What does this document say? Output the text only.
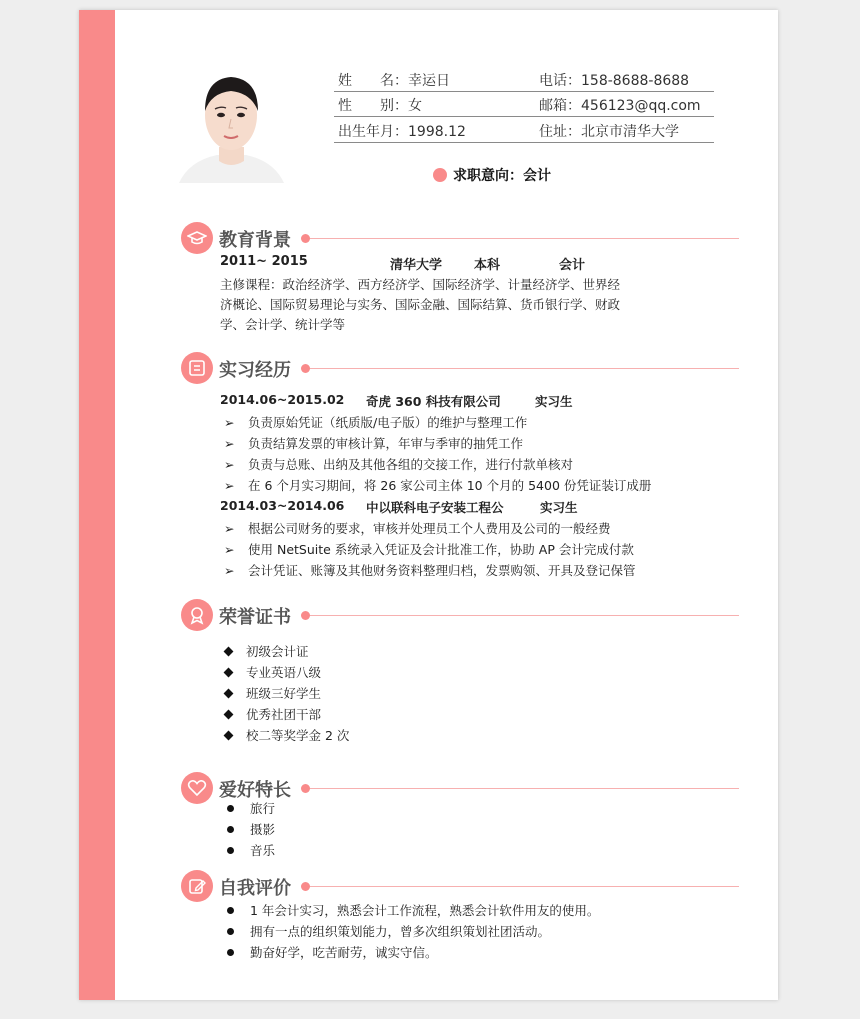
姓　　名：幸运日	电话：158-8688-8688
性　　别：女	邮箱：456123@qq.com
出生年月：1998.12	住址：北京市清华大学
求职意向：会计
教育背景
2011~ 2015	清华大学 本科	会计
主修课程：政治经济学、西方经济学、国际经济学、计量经济学、世界经
济概论、国际贸易理论与实务、国际金融、国际结算、货币银行学、财政
学、会计学、统计学等
实习经历
2014.06~2015.02 奇虎 360 科技有限公司	实习生
➢ 负责原始凭证（纸质版/电子版）的维护与整理工作
➢ 负责结算发票的审核计算，年审与季审的抽凭工作
➢ 负责与总账、出纳及其他各组的交接工作，进行付款单核对
➢ 在 6 个月实习期间，将 26 家公司主体 10 个月的 5400 份凭证装订成册
2014.03~2014.06 中以联科电子安装工程公	实习生
➢ 根据公司财务的要求，审核并处理员工个人费用及公司的一般经费
➢ 使用 NetSuite 系统录入凭证及会计批准工作，协助 AP 会计完成付款
➢ 会计凭证、账簿及其他财务资料整理归档，发票购领、开具及登记保管
荣誉证书
初级会计证
专业英语八级
班级三好学生
优秀社团干部
校二等奖学金 2 次
爱好特长
旅行
摄影
音乐
自我评价
1 年会计实习，熟悉会计工作流程，熟悉会计软件用友的使用。
拥有一点的组织策划能力，曾多次组织策划社团活动。
勤奋好学，吃苦耐劳，诚实守信。
